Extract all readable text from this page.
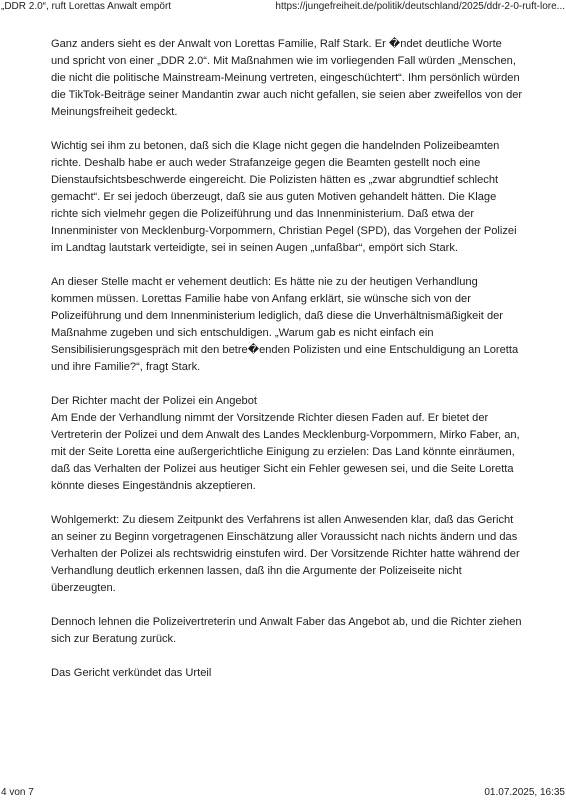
„DDR 2.0“, ruft Lorettas Anwalt empört	https://jungefreiheit.de/politik/deutschland/2025/ddr-2-0-ruft-lore...

Ganz anders sieht es der Anwalt von Lorettas Familie, Ralf Stark. Er �ndet deutliche Worte und spricht von einer „DDR 2.0“. Mit Maßnahmen wie im vorliegenden Fall würden „Menschen, die nicht die politische Mainstream-Meinung vertreten, eingeschüchtert“. Ihm persönlich würden die TikTok-Beiträge seiner Mandantin zwar auch nicht gefallen, sie seien aber zweifellos von der Meinungsfreiheit gedeckt.

Wichtig sei ihm zu betonen, daß sich die Klage nicht gegen die handelnden Polizeibeamten richte. Deshalb habe er auch weder Strafanzeige gegen die Beamten gestellt noch eine Dienstaufsichtsbeschwerde eingereicht. Die Polizisten hätten es „zwar abgrundtief schlecht gemacht“. Er sei jedoch überzeugt, daß sie aus guten Motiven gehandelt hätten. Die Klage richte sich vielmehr gegen die Polizeiführung und das Innenministerium. Daß etwa der Innenminister von Mecklenburg-Vorpommern, Christian Pegel (SPD), das Vorgehen der Polizei im Landtag lautstark verteidigte, sei in seinen Augen „unfaßbar“, empört sich Stark.

An dieser Stelle macht er vehement deutlich: Es hätte nie zu der heutigen Verhandlung kommen müssen. Lorettas Familie habe von Anfang erklärt, sie wünsche sich von der Polizeiführung und dem Innenministerium lediglich, daß diese die Unverhältnismäßigkeit der Maßnahme zugeben und sich entschuldigen. „Warum gab es nicht einfach ein Sensibilisierungsgespräch mit den betre�enden Polizisten und eine Entschuldigung an Loretta und ihre Familie?“, fragt Stark.

Der Richter macht der Polizei ein Angebot

Am Ende der Verhandlung nimmt der Vorsitzende Richter diesen Faden auf. Er bietet der Vertreterin der Polizei und dem Anwalt des Landes Mecklenburg-Vorpommern, Mirko Faber, an, mit der Seite Loretta eine außergerichtliche Einigung zu erzielen: Das Land könnte einräumen, daß das Verhalten der Polizei aus heutiger Sicht ein Fehler gewesen sei, und die Seite Loretta könnte dieses Eingeständnis akzeptieren.

Wohlgemerkt: Zu diesem Zeitpunkt des Verfahrens ist allen Anwesenden klar, daß das Gericht an seiner zu Beginn vorgetragenen Einschätzung aller Voraussicht nach nichts ändern und das Verhalten der Polizei als rechtswidrig einstufen wird. Der Vorsitzende Richter hatte während der Verhandlung deutlich erkennen lassen, daß ihn die Argumente der Polizeiseite nicht überzeugten.

Dennoch lehnen die Polizeivertreterin und Anwalt Faber das Angebot ab, und die Richter ziehen sich zur Beratung zurück.

Das Gericht verkündet das Urteil

4 von 7	01.07.2025, 16:35
